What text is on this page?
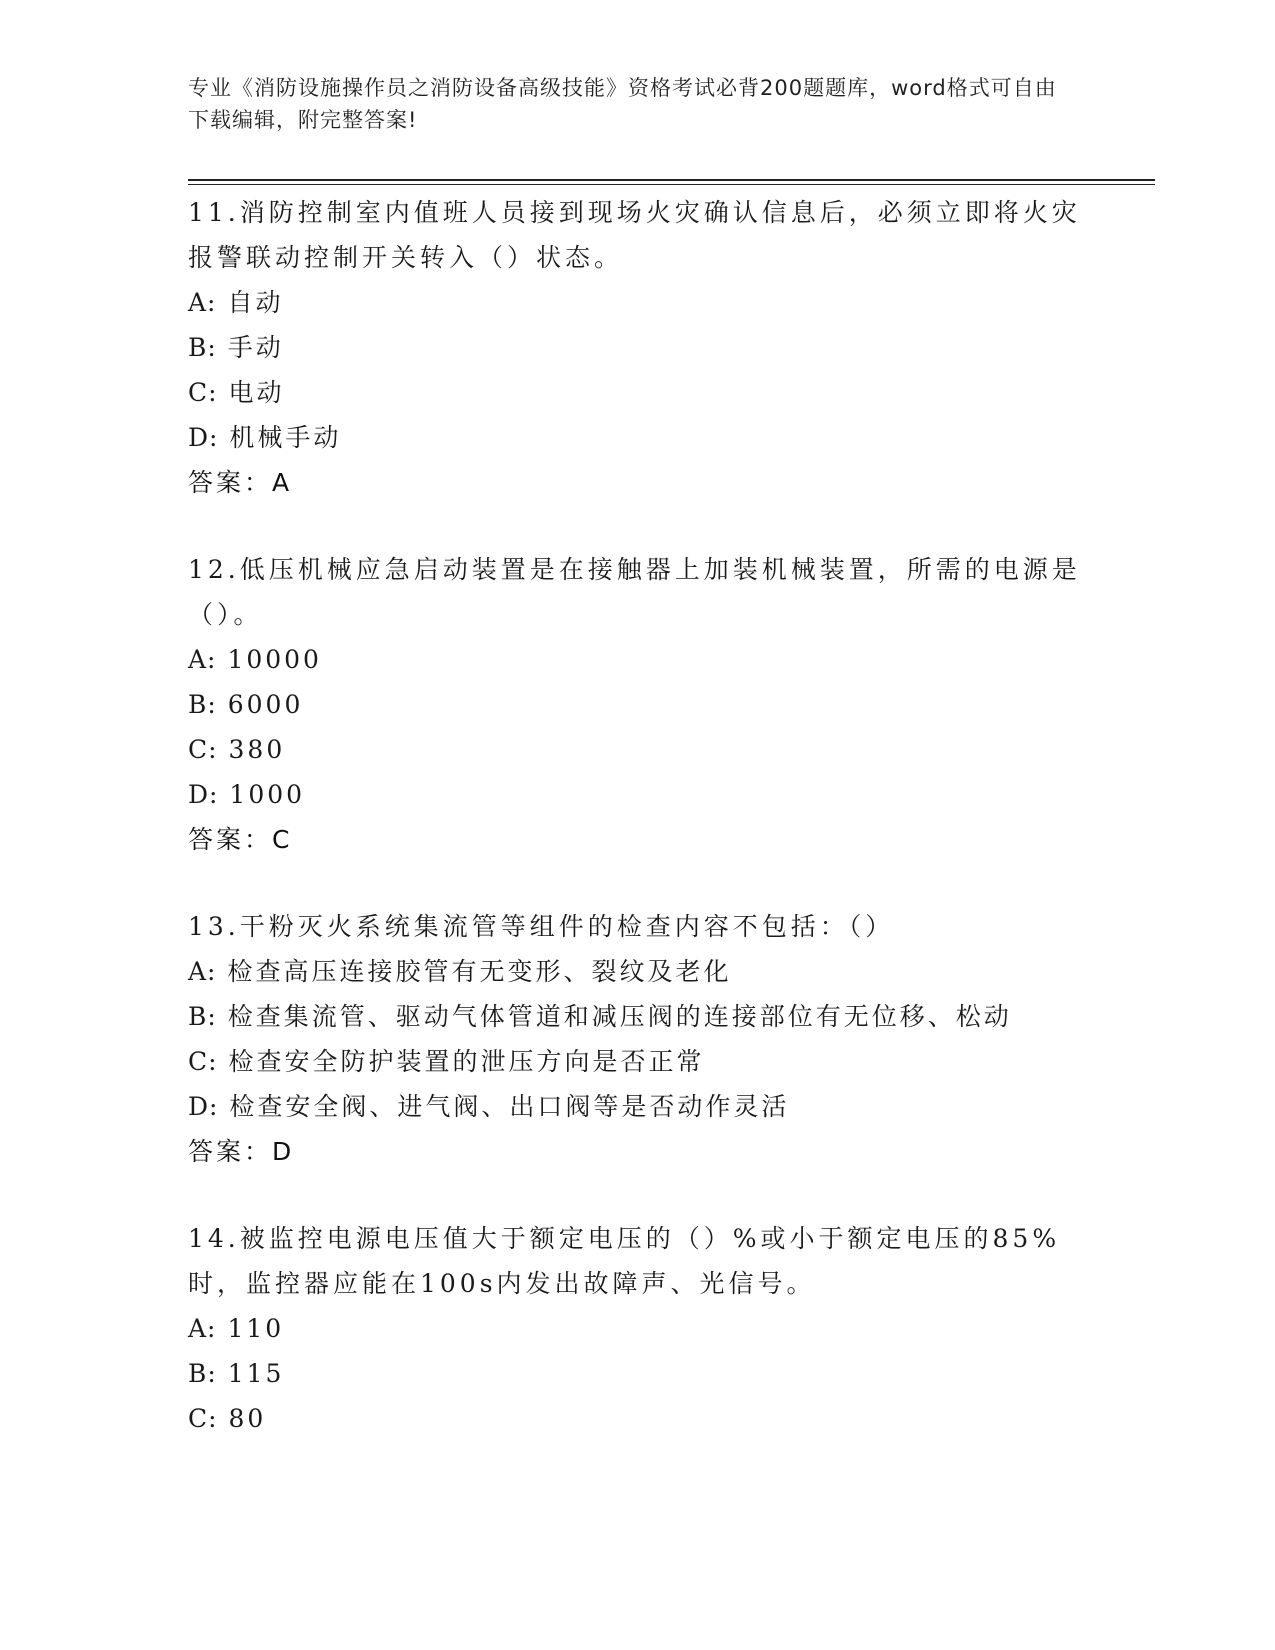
专业《消防设施操作员之消防设备高级技能》资格考试必背200题题库，word格式可自由下载编辑，附完整答案!
11.消防控制室内值班人员接到现场火灾确认信息后，必须立即将火灾报警联动控制开关转入（）状态。
A: 自动
B: 手动
C: 电动
D: 机械手动
答案：A
12.低压机械应急启动装置是在接触器上加装机械装置，所需的电源是（）。
A: 10000
B: 6000
C: 380
D: 1000
答案：C
13.干粉灭火系统集流管等组件的检查内容不包括：（）
A: 检查高压连接胶管有无变形、裂纹及老化
B: 检查集流管、驱动气体管道和减压阀的连接部位有无位移、松动
C: 检查安全防护装置的泄压方向是否正常
D: 检查安全阀、进气阀、出口阀等是否动作灵活
答案：D
14.被监控电源电压值大于额定电压的（）%或小于额定电压的85%时，监控器应能在100s内发出故障声、光信号。
A: 110
B: 115
C: 80
